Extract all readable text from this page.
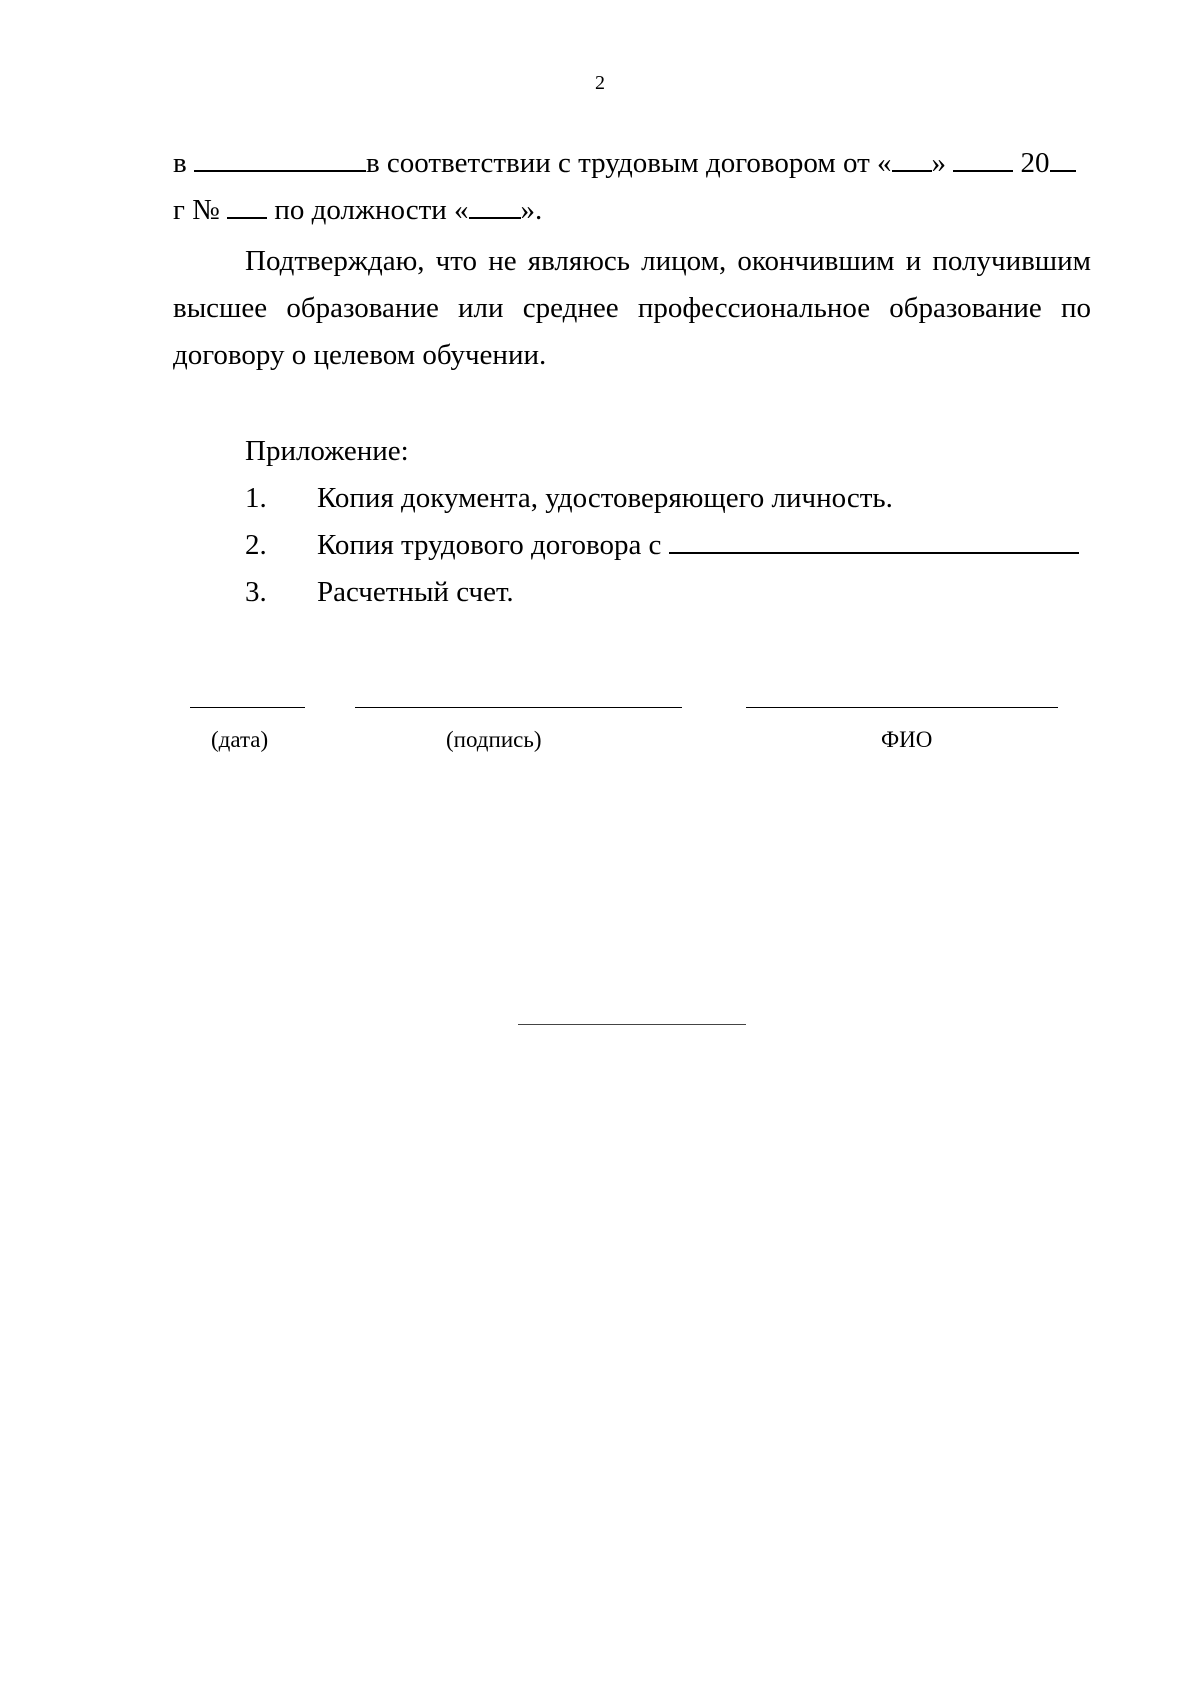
2
в	в соответствии с трудовым договором от « »	20
г № по должности « ».
Подтверждаю, что не являюсь лицом, окончившим и получившим высшее образование или среднее профессиональное образование по договору о целевом обучении.
Приложение:
1. Копия документа, удостоверяющего личность.
2. Копия трудового договора с
3. Расчетный счет.
(дата)	(подпись)	ФИО
